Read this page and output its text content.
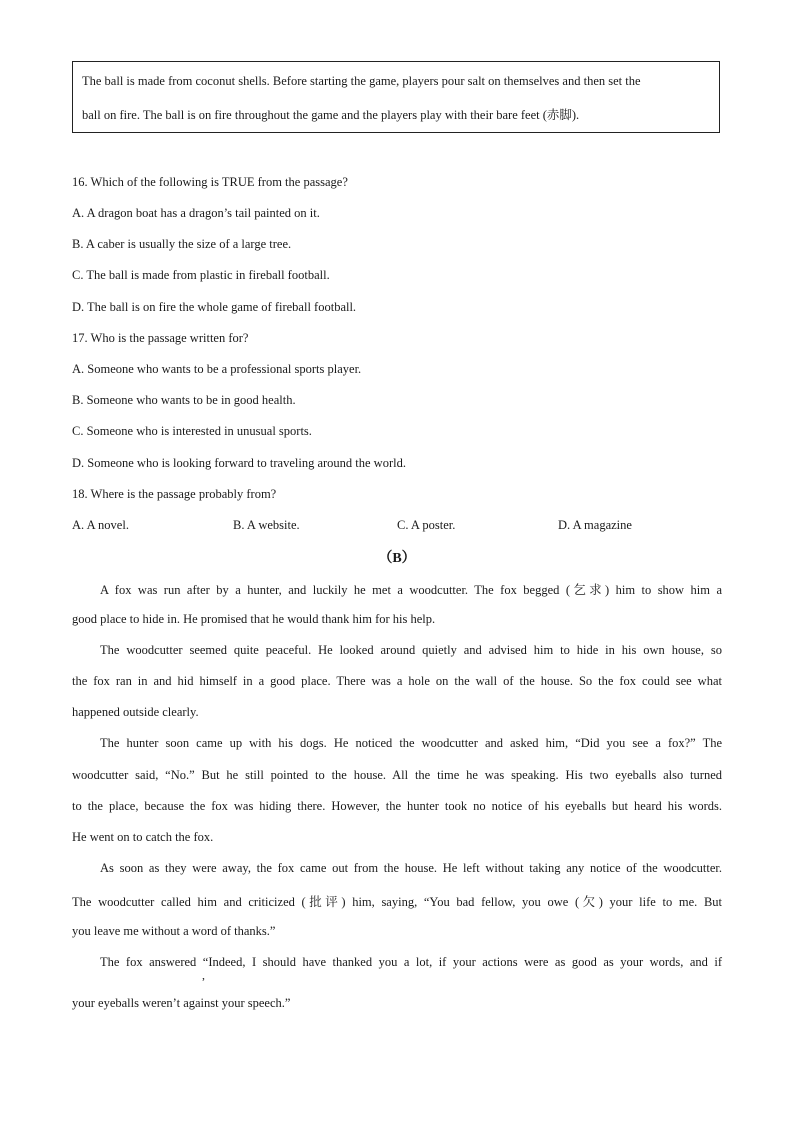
The ball is made from coconut shells. Before starting the game, players pour salt on themselves and then set the
ball on fire. The ball is on fire throughout the game and the players play with their bare feet (赤脚).
16. Which of the following is TRUE from the passage?
A. A dragon boat has a dragon’s tail painted on it.
B. A caber is usually the size of a large tree.
C. The ball is made from plastic in fireball football.
D. The ball is on fire the whole game of fireball football.
17. Who is the passage written for?
A. Someone who wants to be a professional sports player.
B. Someone who wants to be in good health.
C. Someone who is interested in unusual sports.
D. Someone who is looking forward to traveling around the world.
18. Where is the passage probably from?
A. A novel.	B. A website.	C. A poster.	D. A magazine
（B）
A fox was run after by a hunter, and luckily he met a woodcutter. The fox begged (乞求) him to show him a
good place to hide in. He promised that he would thank him for his help.
The woodcutter seemed quite peaceful. He looked around quietly and advised him to hide in his own house, so
the fox ran in and hid himself in a good place. There was a hole on the wall of the house. So the fox could see what
happened outside clearly.
The hunter soon came up with his dogs. He noticed the woodcutter and asked him, “Did you see a fox?” The
woodcutter said, “No.” But he still pointed to the house. All the time he was speaking. His two eyeballs also turned
to the place, because the fox was hiding there. However, the hunter took no notice of his eyeballs but heard his words.
He went on to catch the fox.
As soon as they were away, the fox came out from the house. He left without taking any notice of the woodcutter.
The woodcutter called him and criticized (批评) him, saying, “You bad fellow, you owe (欠) your life to me. But
you leave me without a word of thanks.”
The fox answered “Indeed, I should have thanked you a lot, if your actions were as good as your words, and if
,
your eyeballs weren’t against your speech.”
